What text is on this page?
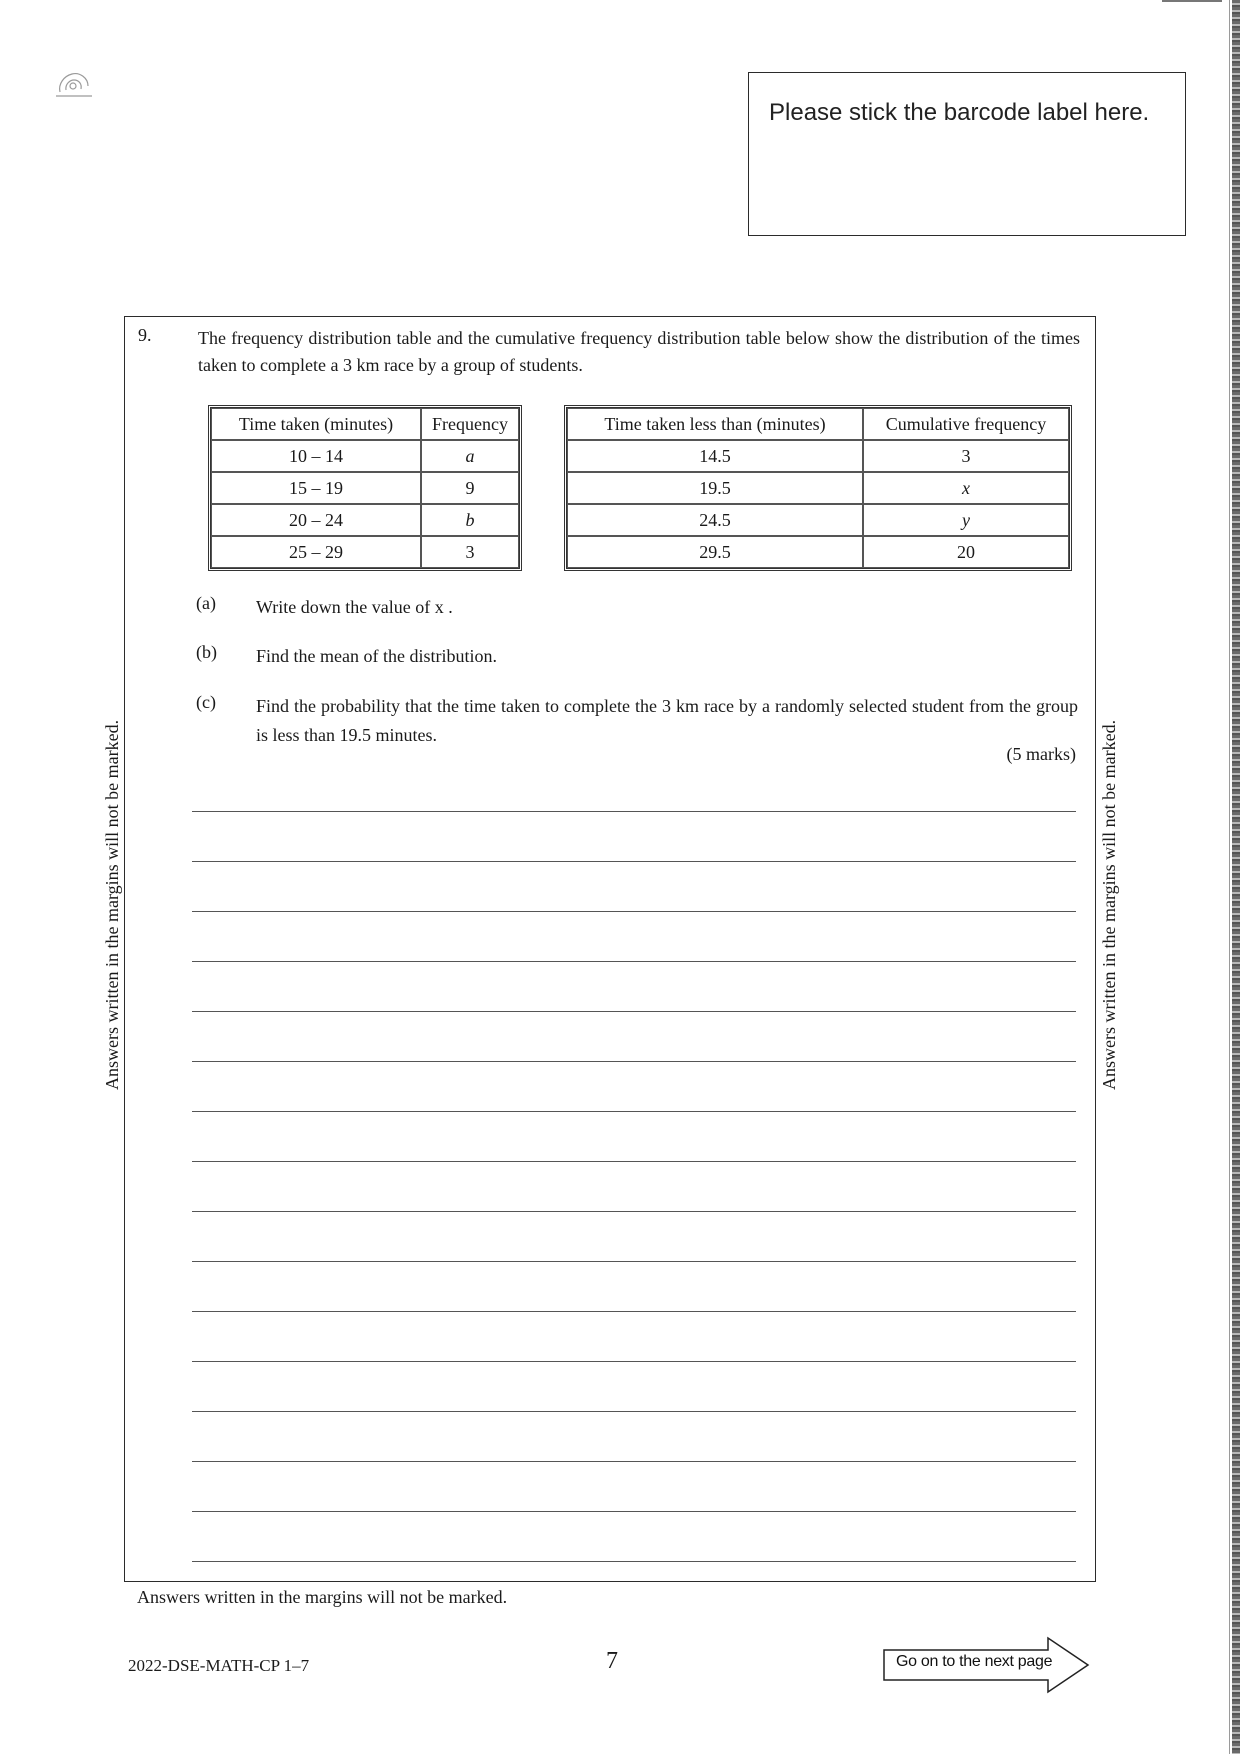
Please stick the barcode label here.
9.	The frequency distribution table and the cumulative frequency distribution table below show the distribution of the times taken to complete a 3 km race by a group of students.
Time taken (minutes)	Frequency
10 – 14	a
15 – 19	9
20 – 24	b
25 – 29	3
Time taken less than (minutes)	Cumulative frequency
14.5	3
19.5	x
24.5	y
29.5	20
(a) Write down the value of x .
(b) Find the mean of the distribution.
(c) Find the probability that the time taken to complete the 3 km race by a randomly selected student from the group is less than 19.5 minutes.
(5 marks)
Answers written in the margins will not be marked.	Answers written in the margins will not be marked.
Answers written in the margins will not be marked.
2022-DSE-MATH-CP 1–7	7	Go on to the next page
